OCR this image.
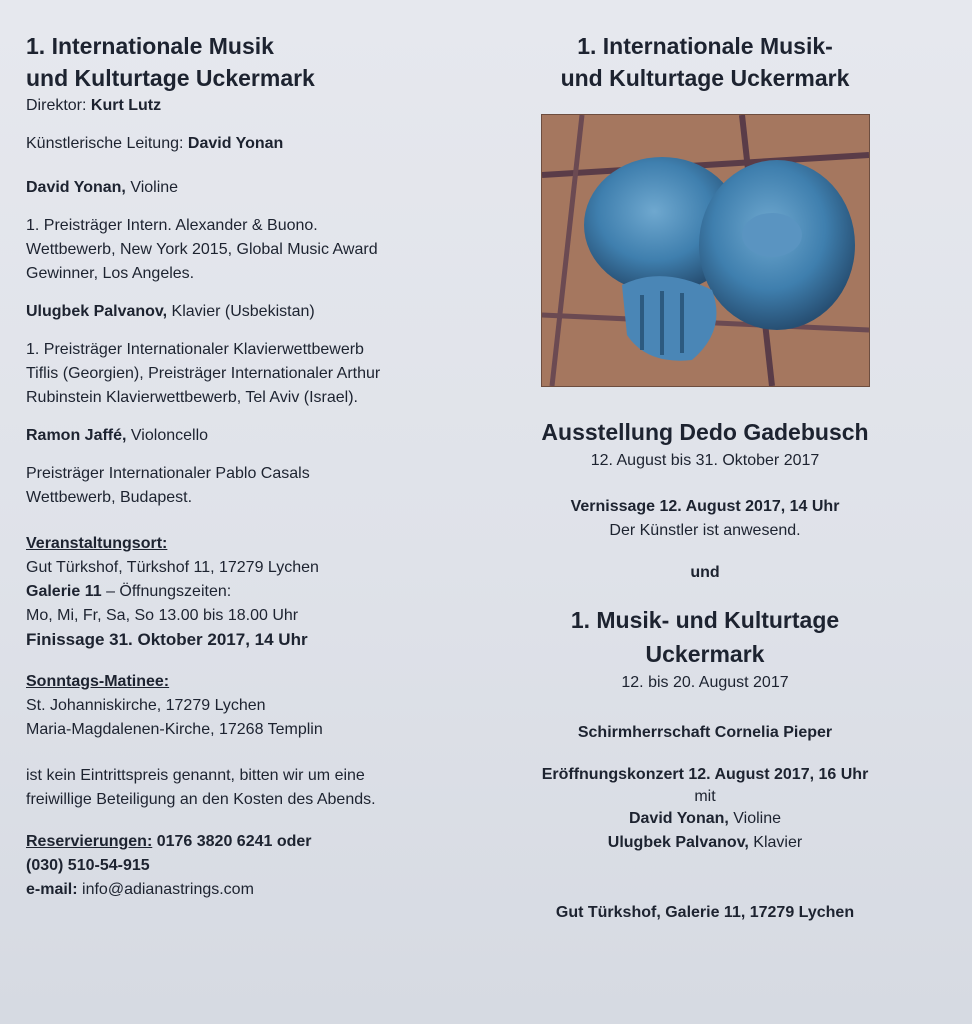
1. Internationale Musik

und Kulturtage Uckermark

Direktor: Kurt Lutz

Künstlerische Leitung: David Yonan

David Yonan, Violine

1. Preisträger Intern. Alexander & Buono.

Wettbewerb, New York 2015, Global Music Award

Gewinner, Los Angeles.

Ulugbek Palvanov, Klavier (Usbekistan)

1. Preisträger Internationaler Klavierwettbewerb

Tiflis (Georgien), Preisträger Internationaler Arthur

Rubinstein Klavierwettbewerb, Tel Aviv (Israel).

Ramon Jaffé, Violoncello

Preisträger Internationaler Pablo Casals

Wettbewerb, Budapest.

Veranstaltungsort:

Gut Türkshof, Türkshof 11, 17279 Lychen

Galerie 11 – Öffnungszeiten:

Mo, Mi, Fr, Sa, So 13.00 bis 18.00 Uhr

Finissage 31. Oktober 2017, 14 Uhr

Sonntags-Matinee:

St. Johanniskirche, 17279 Lychen

Maria-Magdalenen-Kirche, 17268 Templin

ist kein Eintrittspreis genannt, bitten wir um eine

freiwillige Beteiligung an den Kosten des Abends.

Reservierungen: 0176 3820 6241 oder

(030) 510-54-915

e-mail: info@adianastrings.com

1. Internationale Musik-

und Kulturtage Uckermark

Ausstellung Dedo Gadebusch

12. August bis 31. Oktober 2017

Vernissage 12. August 2017, 14 Uhr

Der Künstler ist anwesend.

und

1. Musik- und Kulturtage

Uckermark

12. bis 20. August 2017

Schirmherrschaft Cornelia Pieper

Eröffnungskonzert 12. August 2017, 16 Uhr

mit

David Yonan, Violine

Ulugbek Palvanov, Klavier

Gut Türkshof, Galerie 11, 17279 Lychen
